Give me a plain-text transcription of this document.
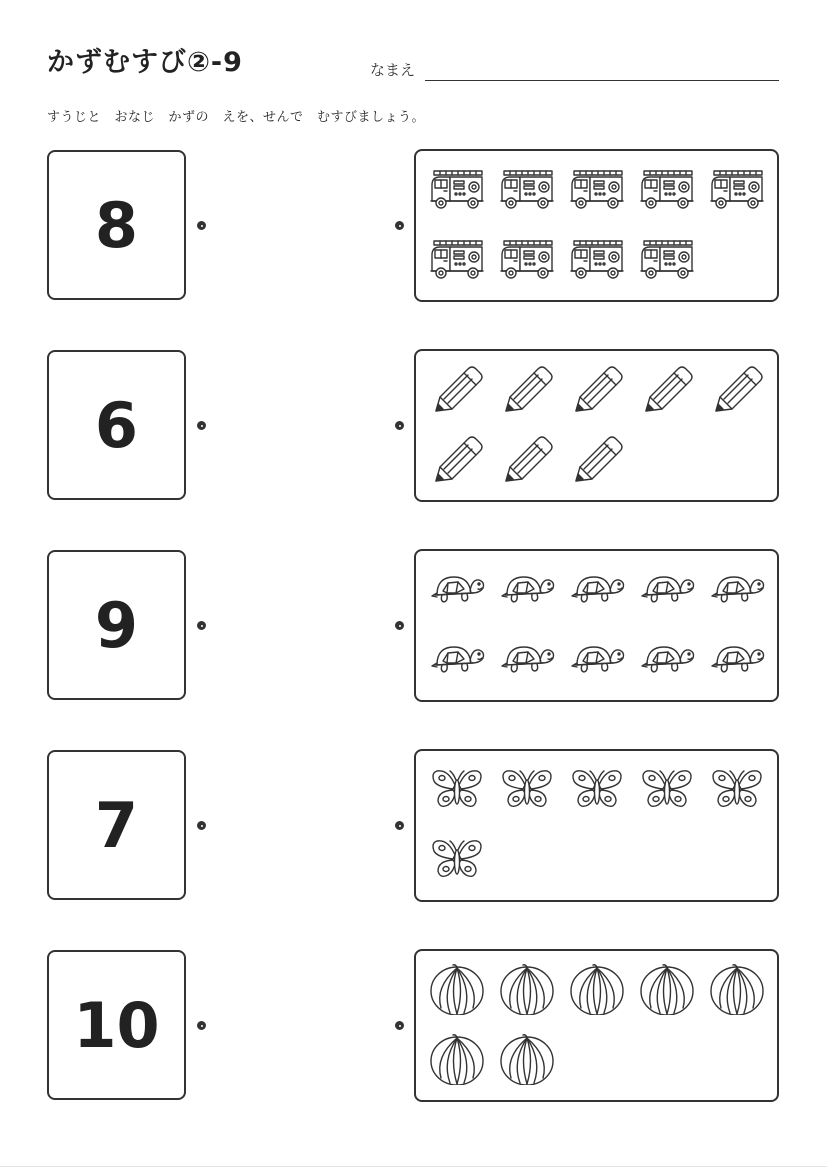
かずむすび②-9	なまえ
すうじと　おなじ　かずの　えを、せんで　むすびましょう。
8
6
9
7
10
